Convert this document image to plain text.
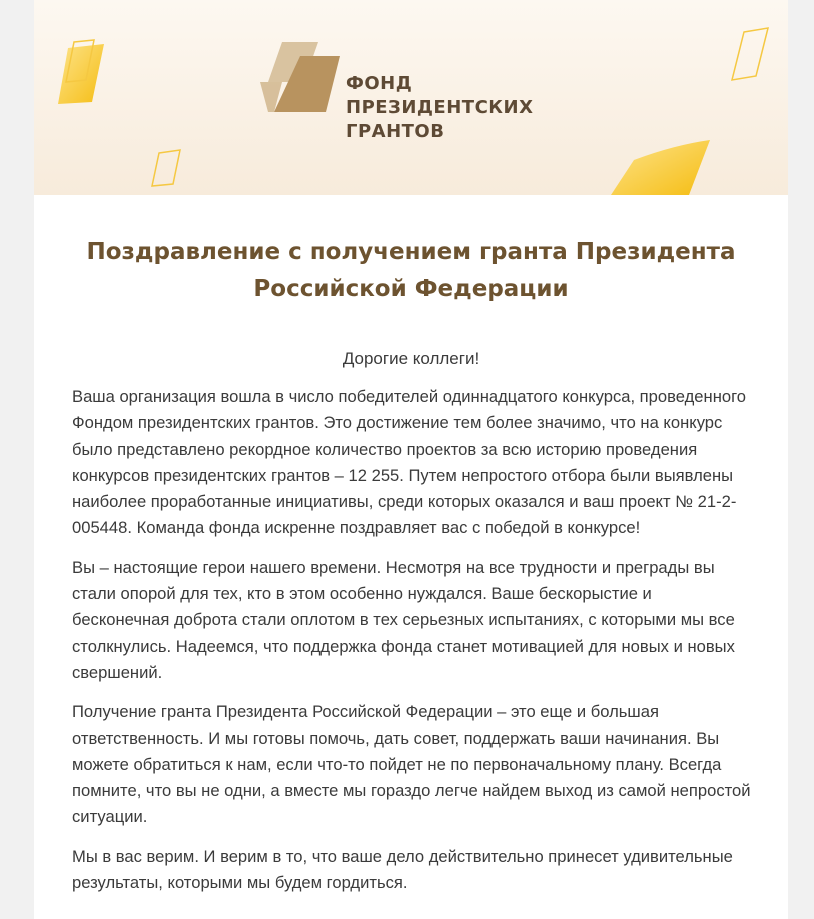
ФОНД
ПРЕЗИДЕНТСКИХ
ГРАНТОВ
Поздравление с получением гранта Президента Российской Федерации
Дорогие коллеги!

Ваша организация вошла в число победителей одиннадцатого конкурса, проведенного Фондом президентских грантов. Это достижение тем более значимо, что на конкурс было представлено рекордное количество проектов за всю историю проведения конкурсов президентских грантов – 12 255. Путем непростого отбора были выявлены наиболее проработанные инициативы, среди которых оказался и ваш проект № 21-2-005448. Команда фонда искренне поздравляет вас с победой в конкурсе!

Вы – настоящие герои нашего времени. Несмотря на все трудности и преграды вы стали опорой для тех, кто в этом особенно нуждался. Ваше бескорыстие и бесконечная доброта стали оплотом в тех серьезных испытаниях, с которыми мы все столкнулись. Надеемся, что поддержка фонда станет мотивацией для новых и новых свершений.

Получение гранта Президента Российской Федерации – это еще и большая ответственность. И мы готовы помочь, дать совет, поддержать ваши начинания. Вы можете обратиться к нам, если что-то пойдет не по первоначальному плану. Всегда помните, что вы не одни, а вместе мы гораздо легче найдем выход из самой непростой ситуации.

Мы в вас верим. И верим в то, что ваше дело действительно принесет удивительные результаты, которыми мы будем гордиться.
